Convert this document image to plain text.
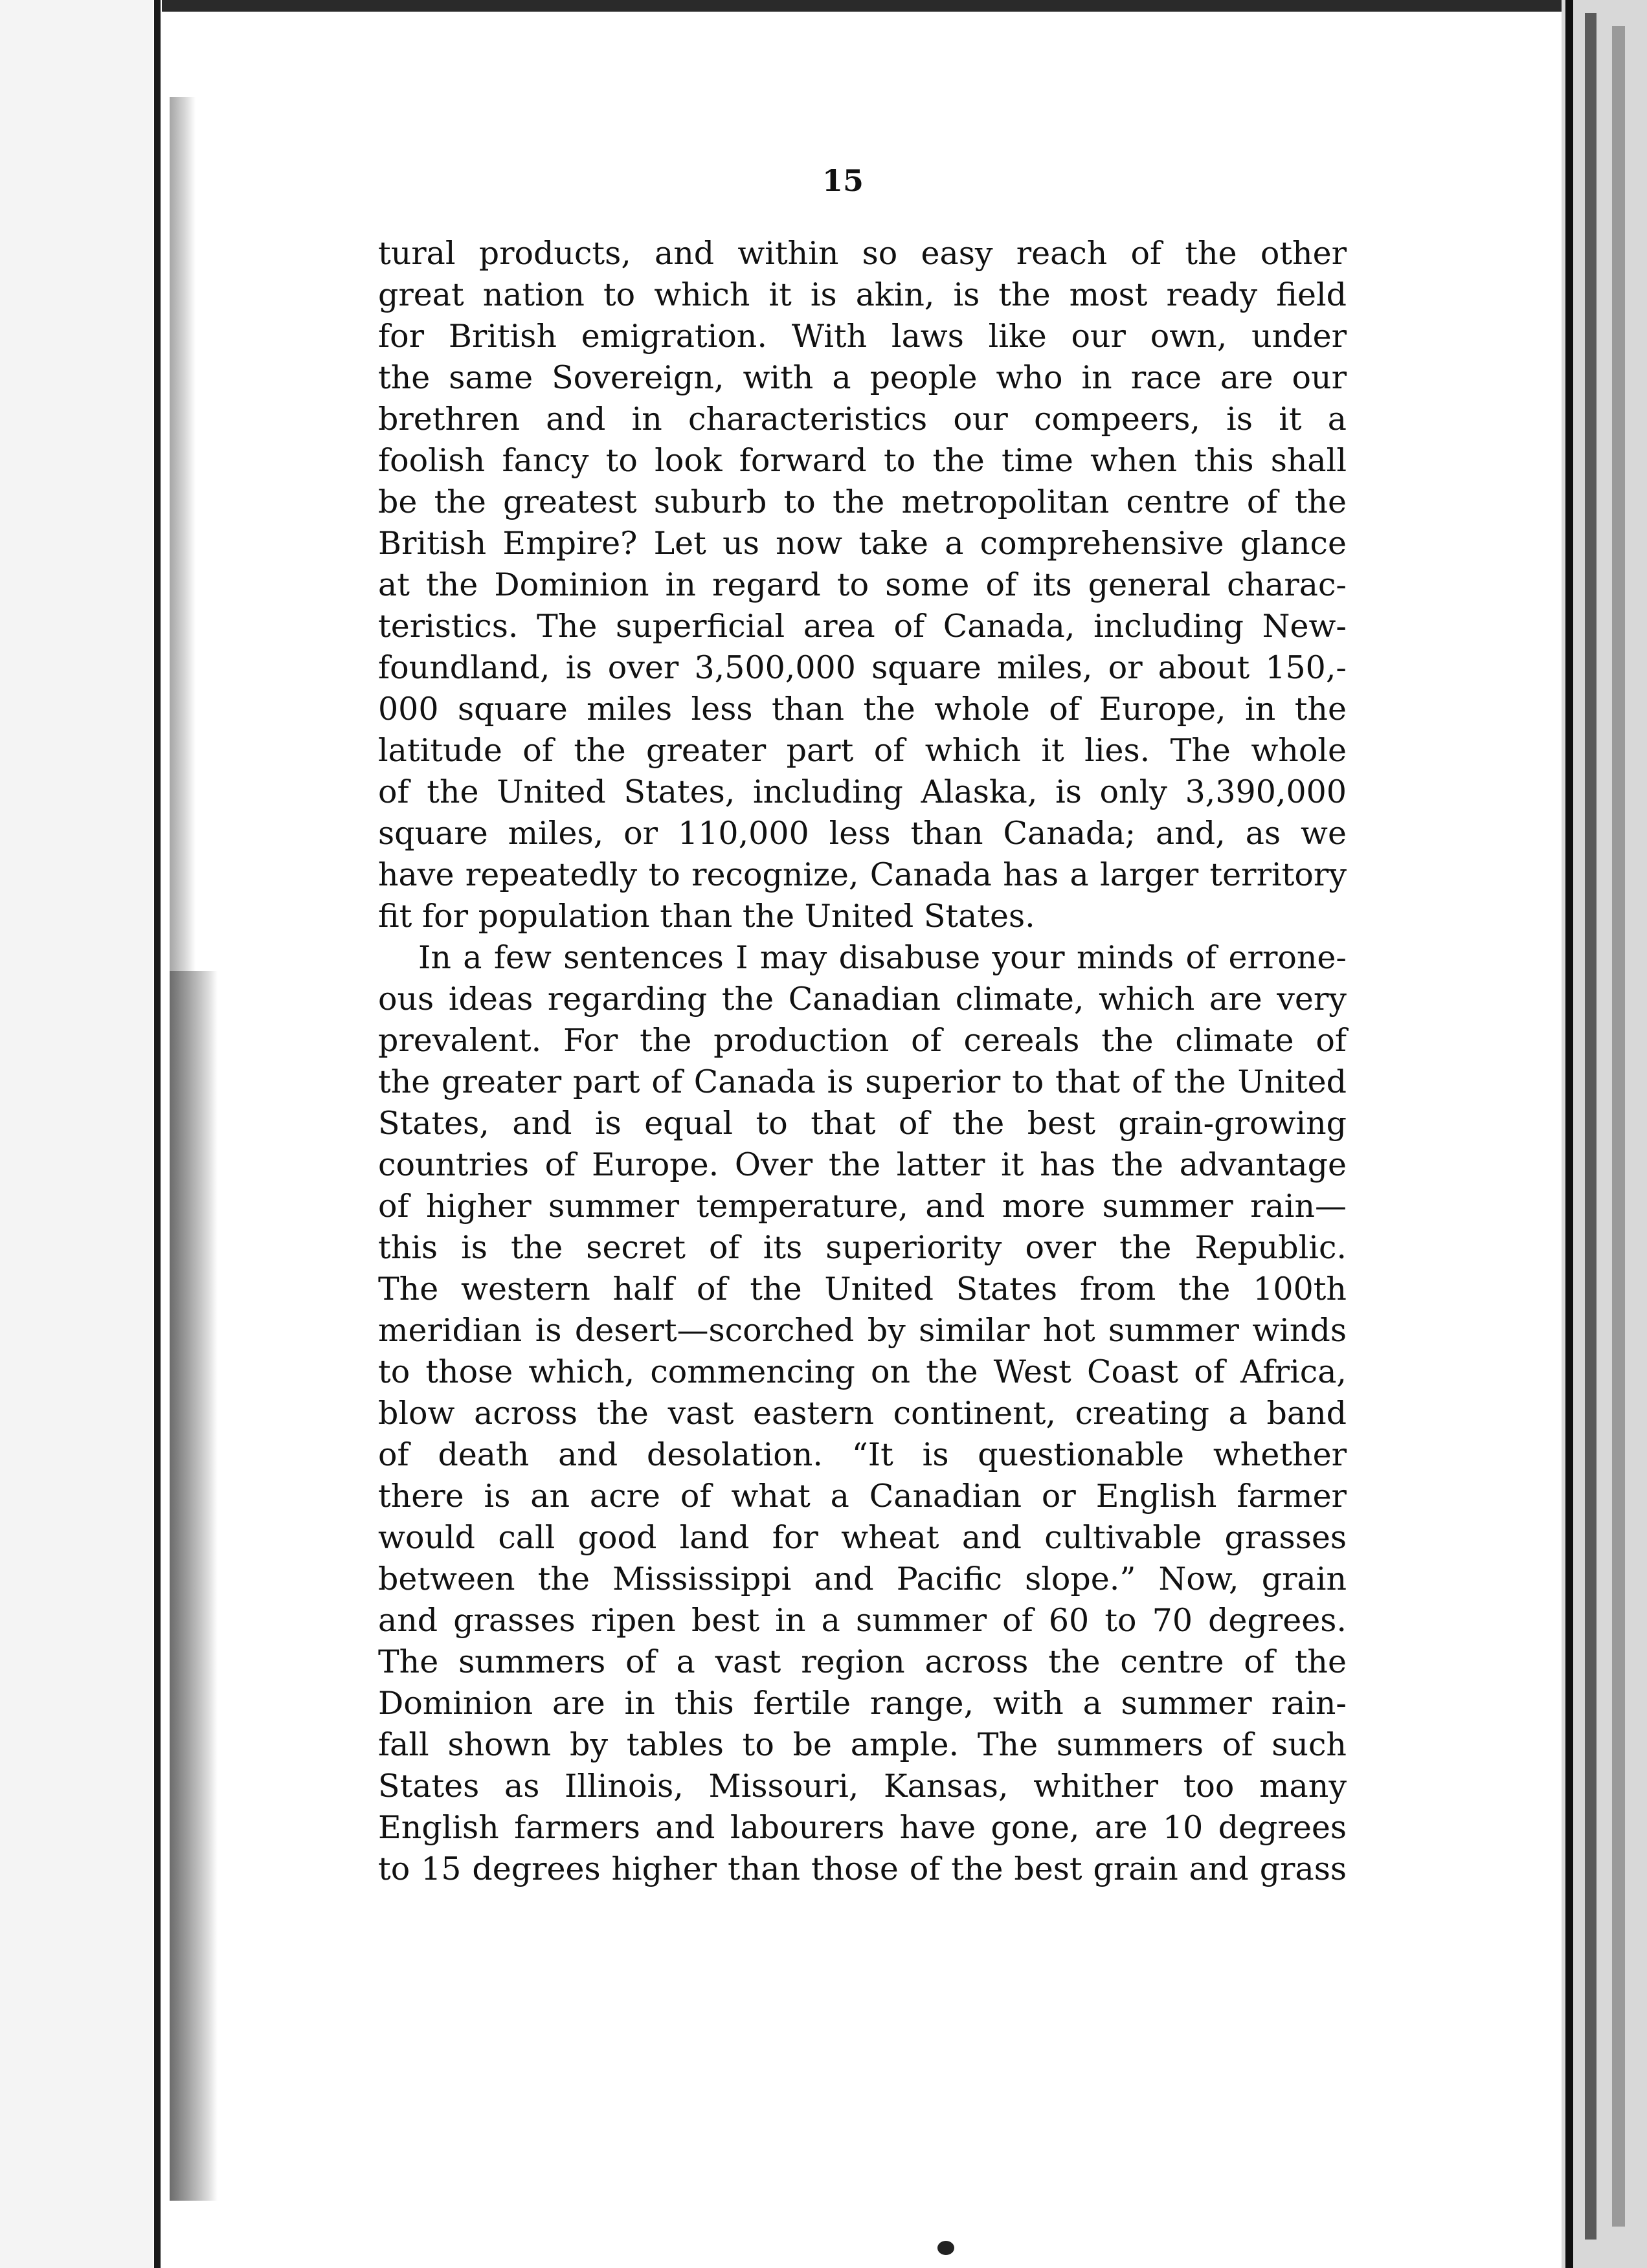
15
tural products, and within so easy reach of the other
great nation to which it is akin, is the most ready field
for British emigration. With laws like our own, under
the same Sovereign, with a people who in race are our
brethren and in characteristics our compeers, is it a
foolish fancy to look forward to the time when this shall
be the greatest suburb to the metropolitan centre of the
British Empire? Let us now take a comprehensive glance
at the Dominion in regard to some of its general charac-
teristics. The superficial area of Canada, including New-
foundland, is over 3,500,000 square miles, or about 150,-
000 square miles less than the whole of Europe, in the
latitude of the greater part of which it lies. The whole
of the United States, including Alaska, is only 3,390,000
square miles, or 110,000 less than Canada; and, as we
have repeatedly to recognize, Canada has a larger territory
fit for population than the United States.
In a few sentences I may disabuse your minds of errone-
ous ideas regarding the Canadian climate, which are very
prevalent. For the production of cereals the climate of
the greater part of Canada is superior to that of the United
States, and is equal to that of the best grain-growing
countries of Europe. Over the latter it has the advantage
of higher summer temperature, and more summer rain—
this is the secret of its superiority over the Republic.
The western half of the United States from the 100th
meridian is desert—scorched by similar hot summer winds
to those which, commencing on the West Coast of Africa,
blow across the vast eastern continent, creating a band
of death and desolation. “It is questionable whether
there is an acre of what a Canadian or English farmer
would call good land for wheat and cultivable grasses
between the Mississippi and Pacific slope.” Now, grain
and grasses ripen best in a summer of 60 to 70 degrees.
The summers of a vast region across the centre of the
Dominion are in this fertile range, with a summer rain-
fall shown by tables to be ample. The summers of such
States as Illinois, Missouri, Kansas, whither too many
English farmers and labourers have gone, are 10 degrees
to 15 degrees higher than those of the best grain and grass
